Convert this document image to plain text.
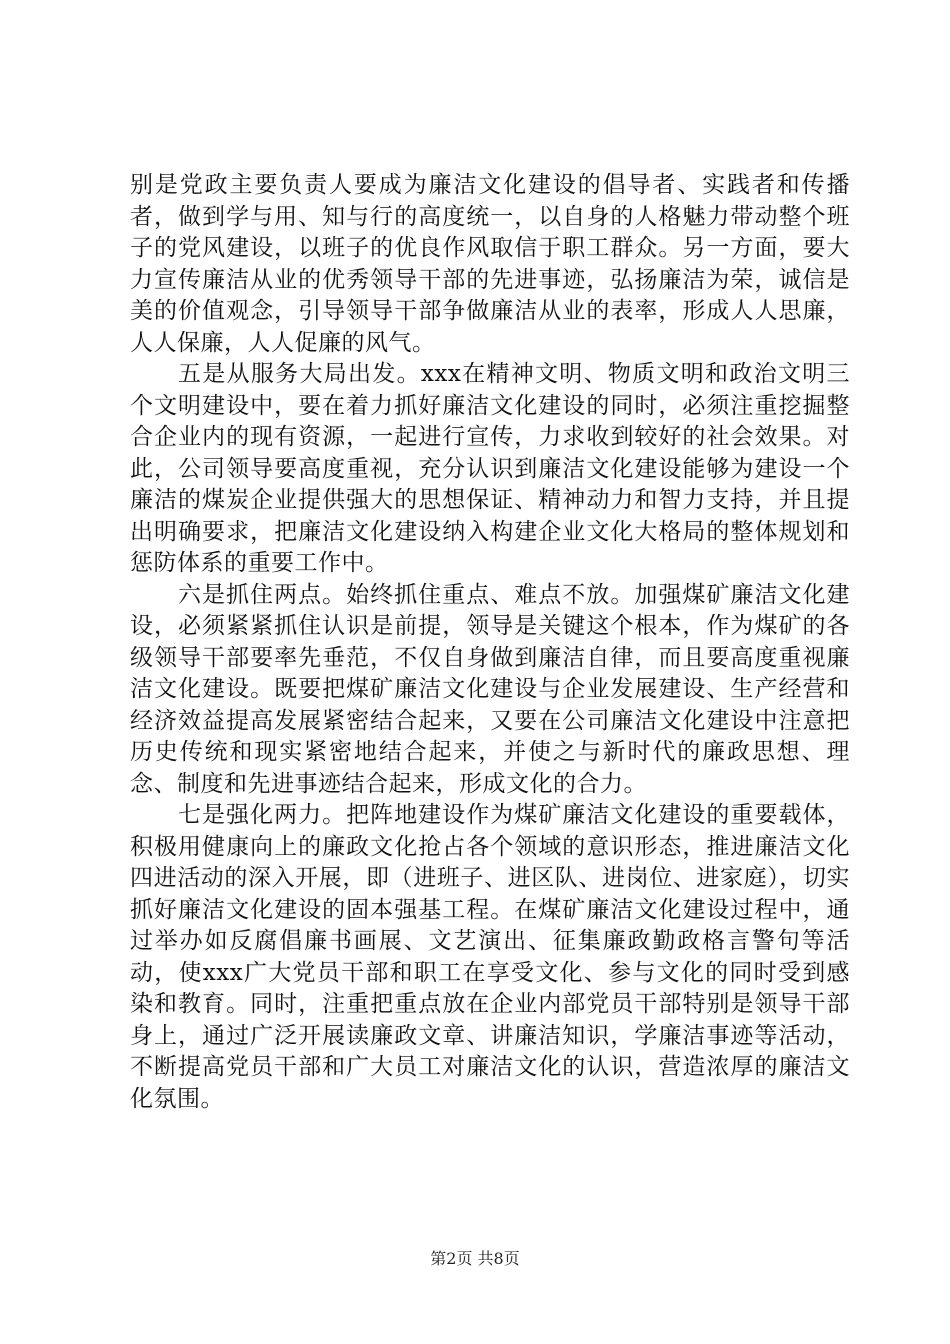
别是党政主要负责人要成为廉洁文化建设的倡导者、实践者和传播者，做到学与用、知与行的高度统一，以自身的人格魅力带动整个班子的党风建设，以班子的优良作风取信于职工群众。另一方面，要大力宣传廉洁从业的优秀领导干部的先进事迹，弘扬廉洁为荣，诚信是美的价值观念，引导领导干部争做廉洁从业的表率，形成人人思廉，人人保廉，人人促廉的风气。

五是从服务大局出发。xxx在精神文明、物质文明和政治文明三个文明建设中，要在着力抓好廉洁文化建设的同时，必须注重挖掘整合企业内的现有资源，一起进行宣传，力求收到较好的社会效果。对此，公司领导要高度重视，充分认识到廉洁文化建设能够为建设一个廉洁的煤炭企业提供强大的思想保证、精神动力和智力支持，并且提出明确要求，把廉洁文化建设纳入构建企业文化大格局的整体规划和惩防体系的重要工作中。

六是抓住两点。始终抓住重点、难点不放。加强煤矿廉洁文化建设，必须紧紧抓住认识是前提，领导是关键这个根本，作为煤矿的各级领导干部要率先垂范，不仅自身做到廉洁自律，而且要高度重视廉洁文化建设。既要把煤矿廉洁文化建设与企业发展建设、生产经营和经济效益提高发展紧密结合起来，又要在公司廉洁文化建设中注意把历史传统和现实紧密地结合起来，并使之与新时代的廉政思想、理念、制度和先进事迹结合起来，形成文化的合力。

七是强化两力。把阵地建设作为煤矿廉洁文化建设的重要载体，积极用健康向上的廉政文化抢占各个领域的意识形态，推进廉洁文化四进活动的深入开展，即（进班子、进区队、进岗位、进家庭），切实抓好廉洁文化建设的固本强基工程。在煤矿廉洁文化建设过程中，通过举办如反腐倡廉书画展、文艺演出、征集廉政勤政格言警句等活动，使xxx广大党员干部和职工在享受文化、参与文化的同时受到感染和教育。同时，注重把重点放在企业内部党员干部特别是领导干部身上，通过广泛开展读廉政文章、讲廉洁知识，学廉洁事迹等活动，不断提高党员干部和广大员工对廉洁文化的认识，营造浓厚的廉洁文化氛围。

第2页 共8页
